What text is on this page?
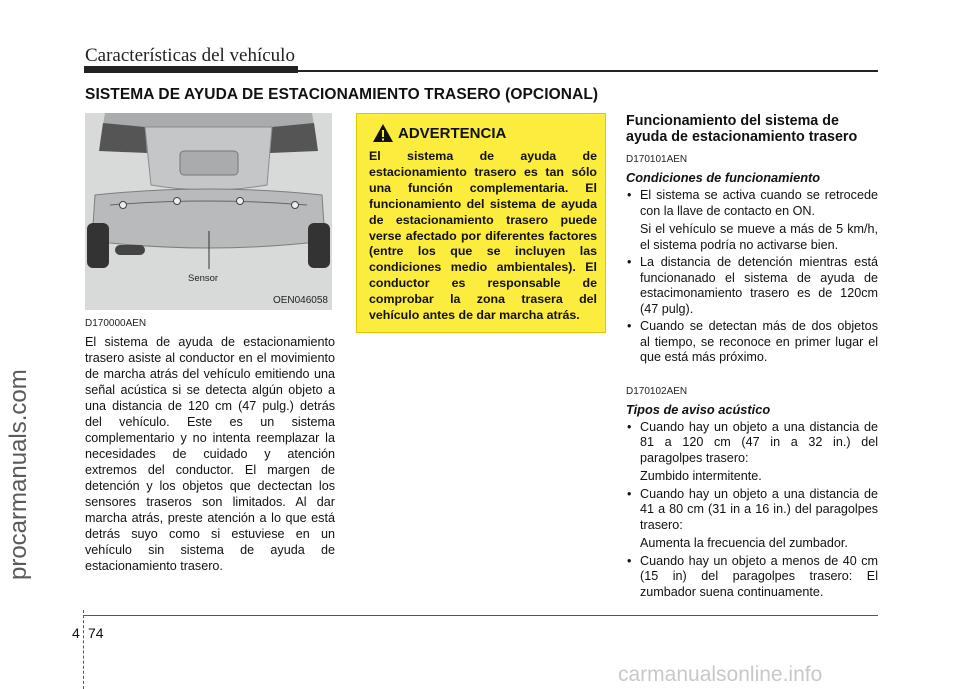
Características del vehículo
SISTEMA DE AYUDA DE ESTACIONAMIENTO TRASERO (OPCIONAL)
procarmanuals.com
Sensor
OEN046058
D170000AEN
El sistema de ayuda de estacionamiento trasero asiste al conductor en el movimiento de marcha atrás del vehículo emitiendo una señal acústica si se detecta algún objeto a una distancia de 120 cm (47 pulg.) detrás del vehículo. Este es un sistema complementario y no intenta reemplazar la necesidades de cuidado y atención extremos del conductor. El margen de detención y los objetos que dectectan los sensores traseros son limitados. Al dar marcha atrás, preste atención a lo que está detrás suyo como si estuviese en un vehículo sin sistema de ayuda de estacionamiento trasero.
ADVERTENCIA
El sistema de ayuda de estacionamiento trasero es tan sólo una función complementaria. El funcionamiento del sistema de ayuda de estacionamiento trasero puede verse afectado por diferentes factores (entre los que se incluyen las condiciones medio ambientales). El conductor es responsable de comprobar la zona trasera del vehículo antes de dar marcha atrás.
Funcionamiento del sistema de ayuda de estacionamiento trasero
D170101AEN
Condiciones de funcionamiento
• El sistema se activa cuando se retrocede con la llave de contacto en ON.
Si el vehículo se mueve a más de 5 km/h, el sistema podría no activarse bien.
• La distancia de detención mientras está funcionanado el sistema de ayuda de estacimonamiento trasero es de 120cm (47 pulg).
• Cuando se detectan más de dos objetos al tiempo, se reconoce en primer lugar el que está más próximo.
D170102AEN
Tipos de aviso acústico
• Cuando hay un objeto a una distancia de 81 a 120 cm (47 in a 32 in.) del paragolpes trasero:
Zumbido intermitente.
• Cuando hay un objeto a una distancia de 41 a 80 cm (31 in a 16 in.) del paragolpes trasero:
Aumenta la frecuencia del zumbador.
• Cuando hay un objeto a menos de 40 cm (15 in) del paragolpes trasero: El zumbador suena continuamente.
4 74
carmanualsonline.info
